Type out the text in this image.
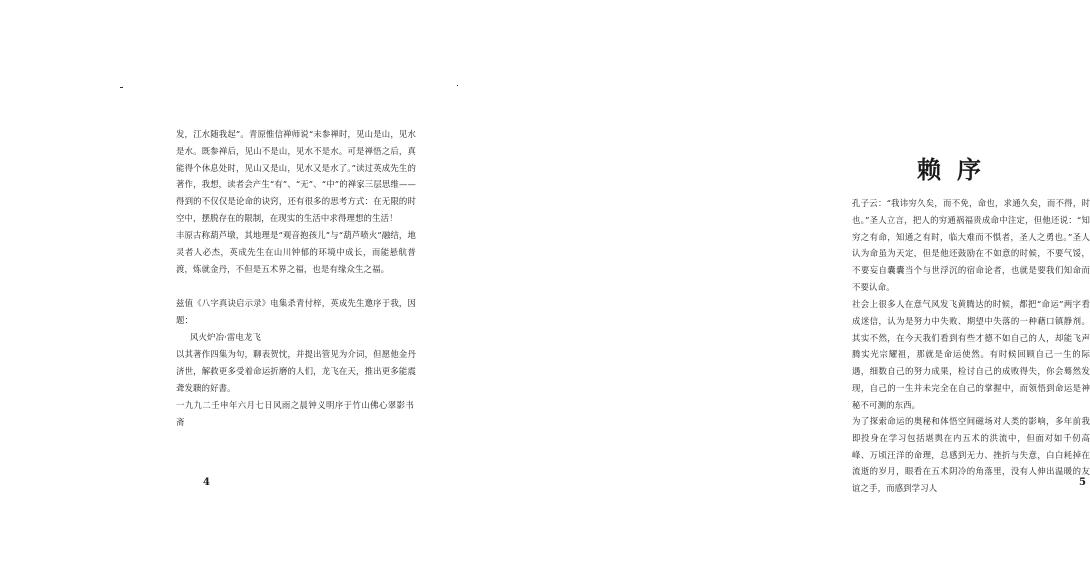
发，江水随我起”。青原惟信禅师说“未参禅时，见山是山，见水是水。既参禅后，见山不是山，见水不是水。可是禅悟之后，真能得个休息处时，见山又是山，见水又是水了。”读过英成先生的著作，我想，读者会产生“有”、“无”、“中”的禅家三层思维——得到的不仅仅是论命的诀窍，还有很多的思考方式：在无限的时空中，摆脱存在的限制，在现实的生活中求得理想的生活！

丰原古称葫芦墩，其地理是“观音抱孩儿”与“葫芦喷火”融结，地灵者人必杰，英成先生在山川钟郁的环境中成长，而能悬航普渡，炼就金丹，不但是五术界之福，也是有缘众生之福。

兹值《八字真诀启示录》电集杀青付梓，英成先生邀序于我，因题：

风火炉冶·雷电龙飞

以其著作四集为句，聊表贺忱，并提出管见为介词，但愿他金丹济世，解救更多受着命运折磨的人们，龙飞在天，推出更多能震聋发聩的好書。

一九九二壬申年六月七日风雨之晨钟义明序于竹山佛心翠影书斋

4
赖序

孔子云：“我讳穷久矣，而不免，命也，求通久矣，而不得，时也。”圣人立言，把人的穷通祸福贵成命中注定，但他还说：“知穷之有命，知通之有时，临大难而不惧者，圣人之勇也。”圣人认为命虽为天定，但是他还鼓励在不如意的时候，不要气馁，不要妄自囊囊当个与世浮沉的宿命论者，也就是要我们知命而不要认命。

社会上很多人在意气风发飞黄腾达的时候，都把“命运”两字看成迷信，认为是努力中失败、期望中失落的一种藉口镇静剂。其实不然，在今天我们看到有些才德不如自己的人，却能飞声腾实光宗耀祖，那就是命运使然。有时候回顾自己一生的际遇，细数自己的努力成果，检讨自己的成败得失，你会蓦然发现，自己的一生并未完全在自己的掌握中，而领悟到命运是神秘不可测的东西。

为了探索命运的奥秘和体悟空间磁场对人类的影响，多年前我即投身在学习包括堪舆在内五术的洪流中，但面对如千仞高峰、万顷汪洋的命理，总感到无力、挫折与失意，白白耗掉在流逝的岁月，眼看在五术阴冷的角落里，没有人伸出温暖的友谊之手，而感到学习人

5
